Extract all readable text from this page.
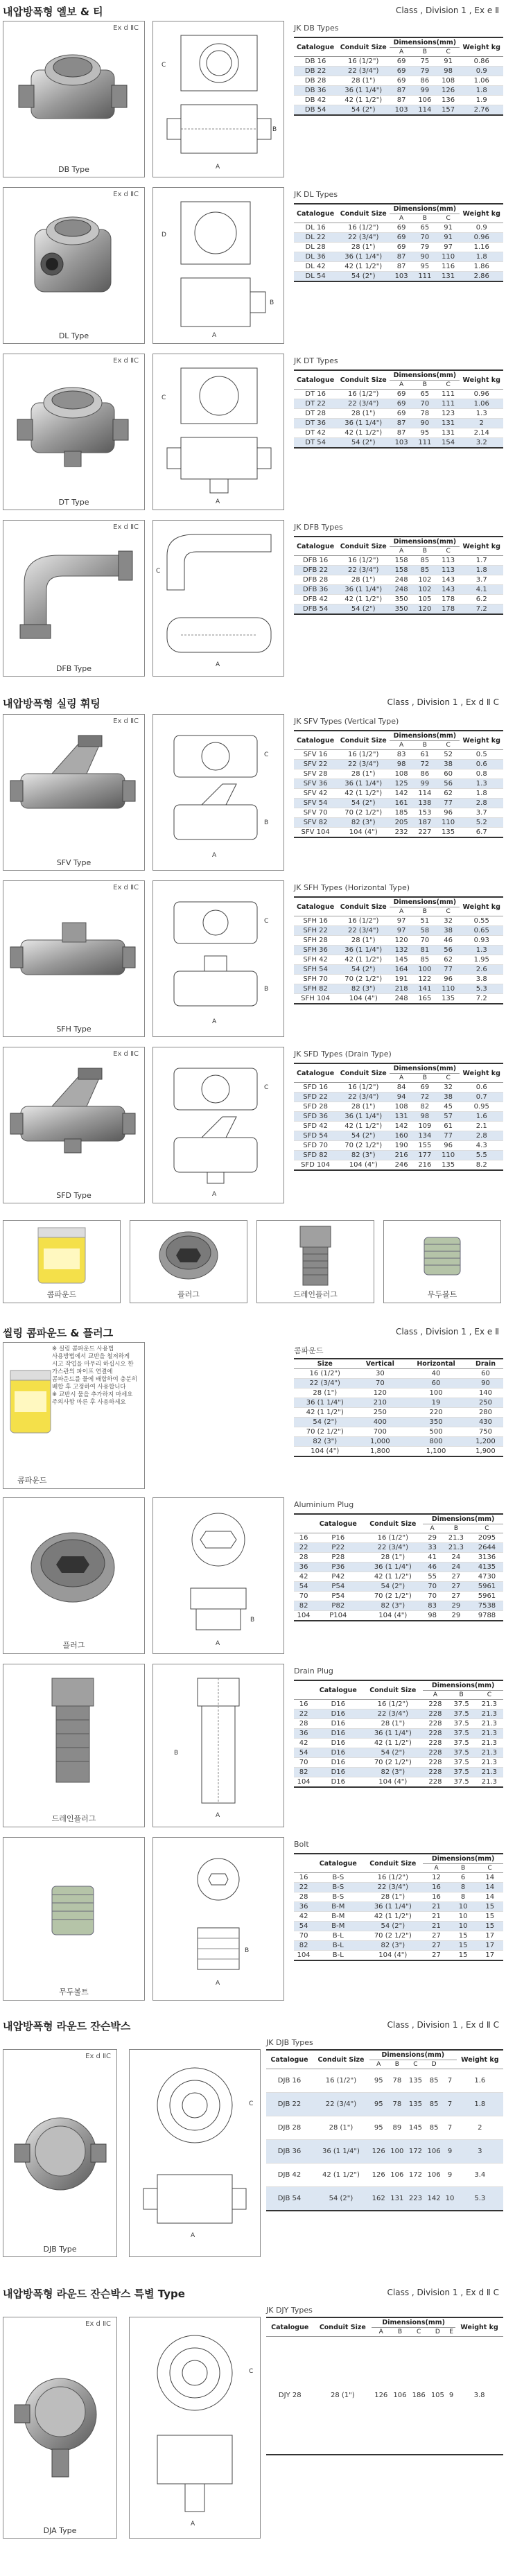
내압방폭형 엘보 & 티	Class , Division 1 , Ex e Ⅱ
Ex d ⅡC
DB Type
C
A
B
JK DB Types
Catalogue	Conduit Size	Dimensions(mm)			Weight kg
		A	B	C	
DB 16	16 (1/2")	69	75	91	0.86
DB 22	22 (3/4")	69	79	98	0.9
DB 28	28 (1")	69	86	108	1.06
DB 36	36 (1 1/4")	87	99	126	1.8
DB 42	42 (1 1/2")	87	106	136	1.9
DB 54	54 (2")	103	114	157	2.76
Ex d ⅡC
DL Type
D
A
B
JK DL Types
Catalogue	Conduit Size	Dimensions(mm)			Weight kg
		A	B	C	
DL 16	16 (1/2")	69	65	91	0.9
DL 22	22 (3/4")	69	70	91	0.96
DL 28	28 (1")	69	79	97	1.16
DL 36	36 (1 1/4")	87	90	110	1.8
DL 42	42 (1 1/2")	87	95	116	1.86
DL 54	54 (2")	103	111	131	2.86
Ex d ⅡC
DT Type
C
A
JK DT Types
Catalogue	Conduit Size	Dimensions(mm)			Weight kg
		A	B	C	
DT 16	16 (1/2")	69	65	111	0.96
DT 22	22 (3/4")	69	70	111	1.06
DT 28	28 (1")	69	78	123	1.3
DT 36	36 (1 1/4")	87	90	131	2
DT 42	42 (1 1/2")	87	95	131	2.14
DT 54	54 (2")	103	111	154	3.2
Ex d ⅡC
DFB Type	A
C
JK DFB Types
Catalogue	Conduit Size	Dimensions(mm)			Weight kg
		A	B	C	
DFB 16	16 (1/2")	158	85	113	1.7
DFB 22	22 (3/4")	158	85	113	1.8
DFB 28	28 (1")	248	102	143	3.7
DFB 36	36 (1 1/4")	248	102	143	4.1
DFB 42	42 (1 1/2")	350	105	178	6.2
DFB 54	54 (2")	350	120	178	7.2
내압방폭형 실링 휘팅	Class , Division 1 , Ex d Ⅱ C
Ex d ⅡC
SFV Type
C
A
B
JK SFV Types (Vertical Type)
Catalogue	Conduit Size	Dimensions(mm)			Weight kg
		A	B	C	
SFV 16	16 (1/2")	83	61	52	0.5
SFV 22	22 (3/4")	98	72	38	0.6
SFV 28	28 (1")	108	86	60	0.8
SFV 36	36 (1 1/4")	125	99	56	1.3
SFV 42	42 (1 1/2")	142	114	62	1.8
SFV 54	54 (2")	161	138	77	2.8
SFV 70	70 (2 1/2")	185	153	96	3.7
SFV 82	82 (3")	205	187	110	5.2
SFV 104	104 (4")	232	227	135	6.7
Ex d ⅡC
SFH Type
C
A
B
JK SFH Types (Horizontal Type)
Catalogue	Conduit Size	Dimensions(mm)			Weight kg
		A	B	C	
SFH 16	16 (1/2")	97	51	32	0.55
SFH 22	22 (3/4")	97	58	38	0.65
SFH 28	28 (1")	120	70	46	0.93
SFH 36	36 (1 1/4")	132	81	56	1.3
SFH 42	42 (1 1/2")	145	85	62	1.95
SFH 54	54 (2")	164	100	77	2.6
SFH 70	70 (2 1/2")	191	122	96	3.8
SFH 82	82 (3")	218	141	110	5.3
SFH 104	104 (4")	248	165	135	7.2
Ex d ⅡC
SFD Type
C
A
JK SFD Types (Drain Type)
Catalogue	Conduit Size	Dimensions(mm)			Weight kg
		A	B	C	
SFD 16	16 (1/2")	84	69	32	0.6
SFD 22	22 (3/4")	94	72	38	0.7
SFD 28	28 (1")	108	82	45	0.95
SFD 36	36 (1 1/4")	131	98	57	1.6
SFD 42	42 (1 1/2")	142	109	61	2.1
SFD 54	54 (2")	160	134	77	2.8
SFD 70	70 (2 1/2")	190	155	96	4.3
SFD 82	82 (3")	216	177	110	5.5
SFD 104	104 (4")	246	216	135	8.2
콤파운드	플러그	드레인플러그	무두볼트
씰링 콤파운드 & 플러그	Class , Division 1 , Ex e Ⅱ
※ 실링 콤파운드 사용법
사용방법에서 교반을 철저하게
시고 작업을 마무리 하십시오 한
가스관의 파이프 연결에
콤파운드를 물에 배합하여 충분히
배합 후 고정하여 사용합니다
※ 교반시 물을 추가하지 마세요
주의사항 마른 후 사용하세요
콤파운드
콤파운드
Size	Vertical	Horizontal	Drain
16 (1/2")	30	40	60
22 (3/4")	70	60	90
28 (1")	120	100	140
36 (1 1/4")	210	19	250
42 (1 1/2")	250	220	280
54 (2")	400	350	430
70 (2 1/2")	700	500	750
82 (3")	1,000	800	1,200
104 (4")	1,800	1,100	1,900
플러그	A
B
Aluminium Plug
	Catalogue	Conduit Size	Dimensions(mm)		
			A	B	C
16	P16	16 (1/2")	29	21.3	2095
22	P22	22 (3/4")	33	21.3	2644
28	P28	28 (1")	41	24	3136
36	P36	36 (1 1/4")	46	24	4135
42	P42	42 (1 1/2")	55	27	4730
54	P54	54 (2")	70	27	5961
70	P54	70 (2 1/2")	70	27	5961
82	P82	82 (3")	83	29	7538
104	P104	104 (4")	98	29	9788
드레인플러그
B
A
Drain Plug
	Catalogue	Conduit Size	Dimensions(mm)		
			A	B	C
16	D16	16 (1/2")	228	37.5	21.3
22	D16	22 (3/4")	228	37.5	21.3
28	D16	28 (1")	228	37.5	21.3
36	D16	36 (1 1/4")	228	37.5	21.3
42	D16	42 (1 1/2")	228	37.5	21.3
54	D16	54 (2")	228	37.5	21.3
70	D16	70 (2 1/2")	228	37.5	21.3
82	D16	82 (3")	228	37.5	21.3
104	D16	104 (4")	228	37.5	21.3
무두볼트
A
B
Bolt
	Catalogue	Conduit Size	Dimensions(mm)		
			A	B	C
16	B-S	16 (1/2")	12	6	14
22	B-S	22 (3/4")	16	8	14
28	B-S	28 (1")	16	8	14
36	B-M	36 (1 1/4")	21	10	15
42	B-M	42 (1 1/2")	21	10	15
54	B-M	54 (2")	21	10	15
70	B-L	70 (2 1/2")	27	15	17
82	B-L	82 (3")	27	15	17
104	B-L	104 (4")	27	15	17
내압방폭형 라운드 잔슨박스	Class , Division 1 , Ex d Ⅱ C
JK DJB Types
Ex d ⅡC
DJB Type
A
C
Catalogue	Conduit Size	Dimensions(mm)					Weight kg
		A	B	C	D		
DJB 16	16 (1/2")	95	78	135	85	7	1.6
DJB 22	22 (3/4")	95	78	135	85	7	1.8
DJB 28	28 (1")	95	89	145	85	7	2
DJB 36	36 (1 1/4")	126	100	172	106	9	3
DJB 42	42 (1 1/2")	126	106	172	106	9	3.4
DJB 54	54 (2")	162	131	223	142	10	5.3
내압방폭형 라운드 잔슨박스 특별 Type	Class , Division 1 , Ex d Ⅱ C
JK DJY Types
Ex d ⅡC
DJA Type
A
C
Catalogue	Conduit Size	Dimensions(mm)					Weight kg
		A	B	C	D	E	
DJY 28	28 (1")	126	106	186	105	9	3.8
